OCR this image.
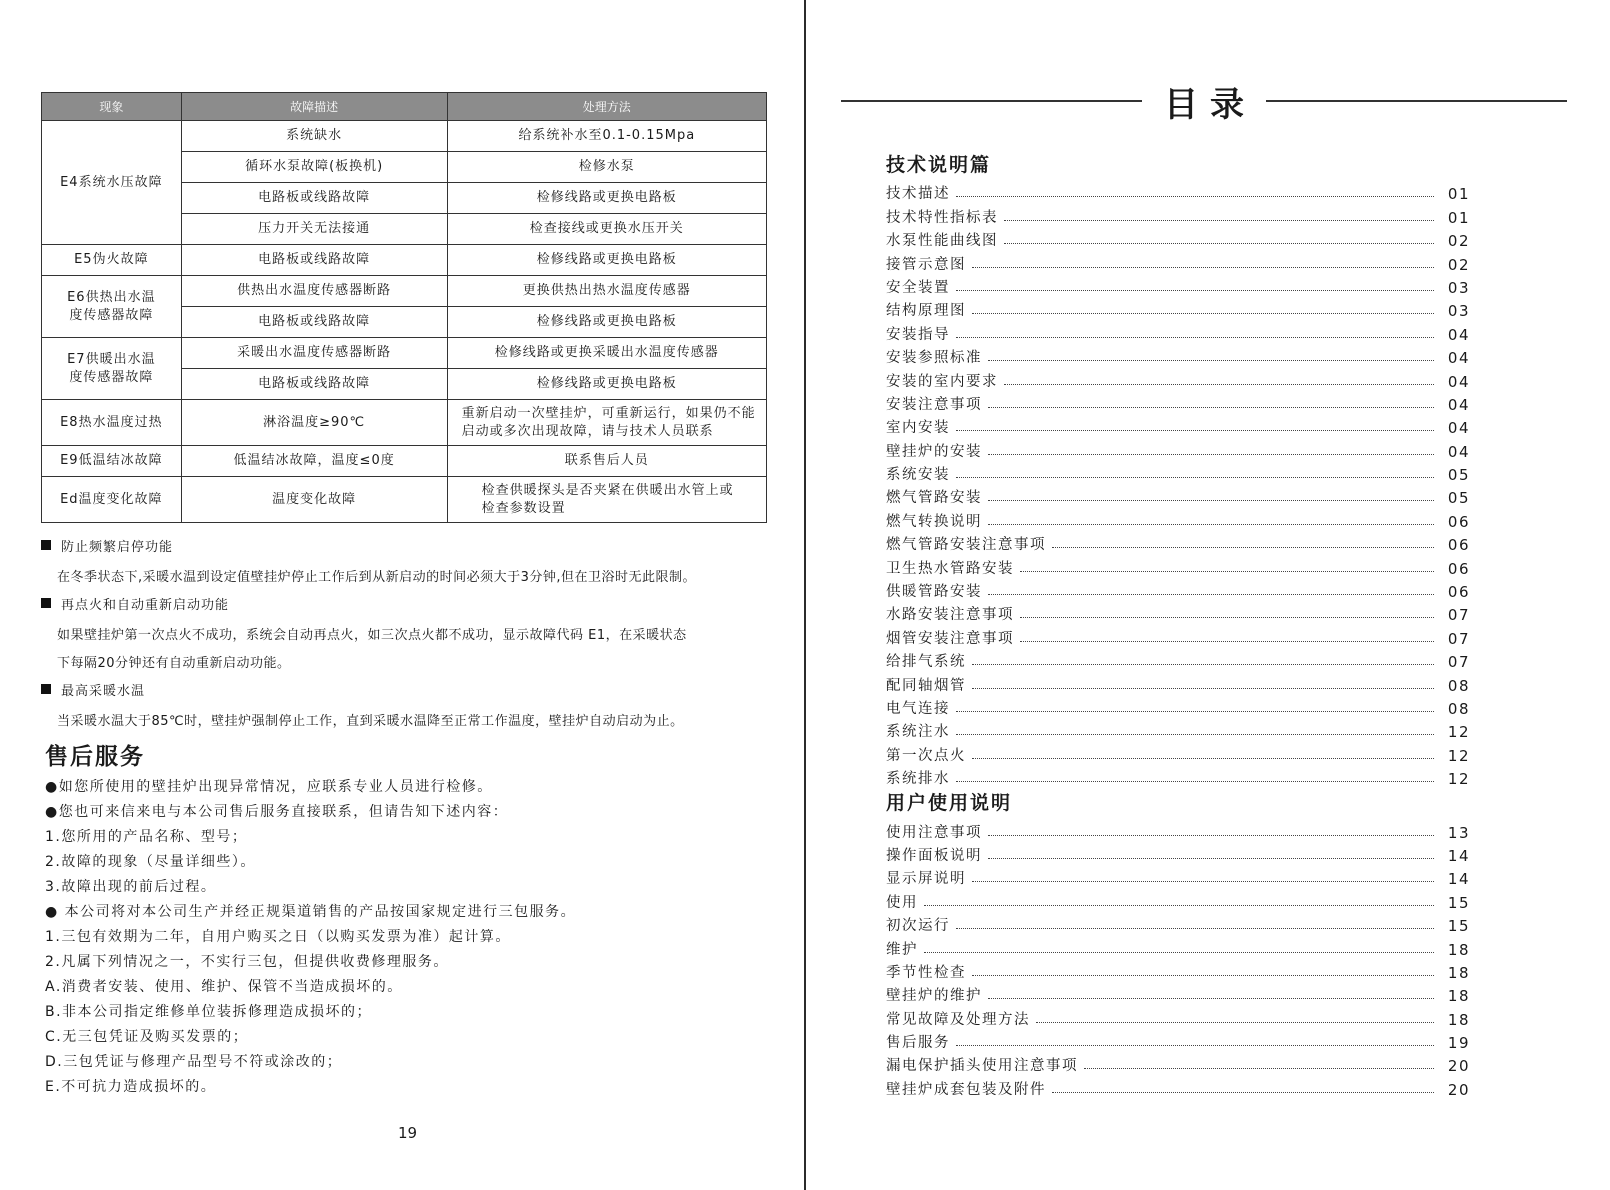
现象	故障描述	处理方法
E4系统水压故障	系统缺水	给系统补水至0.1-0.15Mpa
	循环水泵故障(板换机)	检修水泵
	电路板或线路故障	检修线路或更换电路板
	压力开关无法接通	检查接线或更换水压开关
E5伪火故障	电路板或线路故障	检修线路或更换电路板
E6供热出水温度传感器故障	供热出水温度传感器断路	更换供热出热水温度传感器
	电路板或线路故障	检修线路或更换电路板
E7供暖出水温度传感器故障	采暖出水温度传感器断路	检修线路或更换采暖出水温度传感器
	电路板或线路故障	检修线路或更换电路板
E8热水温度过热	淋浴温度≥90℃	重新启动一次壁挂炉，可重新运行，如果仍不能启动或多次出现故障，请与技术人员联系
E9低温结冰故障	低温结冰故障，温度≤0度	联系售后人员
Ed温度变化故障	温度变化故障	检查供暖探头是否夹紧在供暖出水管上或检查参数设置
防止频繁启停功能
在冬季状态下,采暖水温到设定值壁挂炉停止工作后到从新启动的时间必须大于3分钟,但在卫浴时无此限制。
再点火和自动重新启动功能
如果壁挂炉第一次点火不成功，系统会自动再点火，如三次点火都不成功，显示故障代码 E1，在采暖状态
下每隔20分钟还有自动重新启动功能。
最高采暖水温
当采暖水温大于85℃时，壁挂炉强制停止工作，直到采暖水温降至正常工作温度，壁挂炉自动启动为止。
售后服务
●如您所使用的壁挂炉出现异常情况，应联系专业人员进行检修。
●您也可来信来电与本公司售后服务直接联系，但请告知下述内容：
1.您所用的产品名称、型号；
2.故障的现象（尽量详细些）。
3.故障出现的前后过程。
● 本公司将对本公司生产并经正规渠道销售的产品按国家规定进行三包服务。
1.三包有效期为二年，自用户购买之日（以购买发票为准）起计算。
2.凡属下列情况之一，不实行三包，但提供收费修理服务。
A.消费者安装、使用、维护、保管不当造成损坏的。
B.非本公司指定维修单位装拆修理造成损坏的；
C.无三包凭证及购买发票的；
D.三包凭证与修理产品型号不符或涂改的；
E.不可抗力造成损坏的。
19
目录
技术说明篇
技术描述	01
技术特性指标表	01
水泵性能曲线图	02
接管示意图	02
安全装置	03
结构原理图	03
安装指导	04
安装参照标准	04
安装的室内要求	04
安装注意事项	04
室内安装	04
壁挂炉的安装	04
系统安装	05
燃气管路安装	05
燃气转换说明	06
燃气管路安装注意事项	06
卫生热水管路安装	06
供暖管路安装	06
水路安装注意事项	07
烟管安装注意事项	07
给排气系统	07
配同轴烟管	08
电气连接	08
系统注水	12
第一次点火	12
系统排水	12
用户使用说明
使用注意事项	13
操作面板说明	14
显示屏说明	14
使用	15
初次运行	15
维护	18
季节性检查	18
壁挂炉的维护	18
常见故障及处理方法	18
售后服务	19
漏电保护插头使用注意事项	20
壁挂炉成套包装及附件	20
